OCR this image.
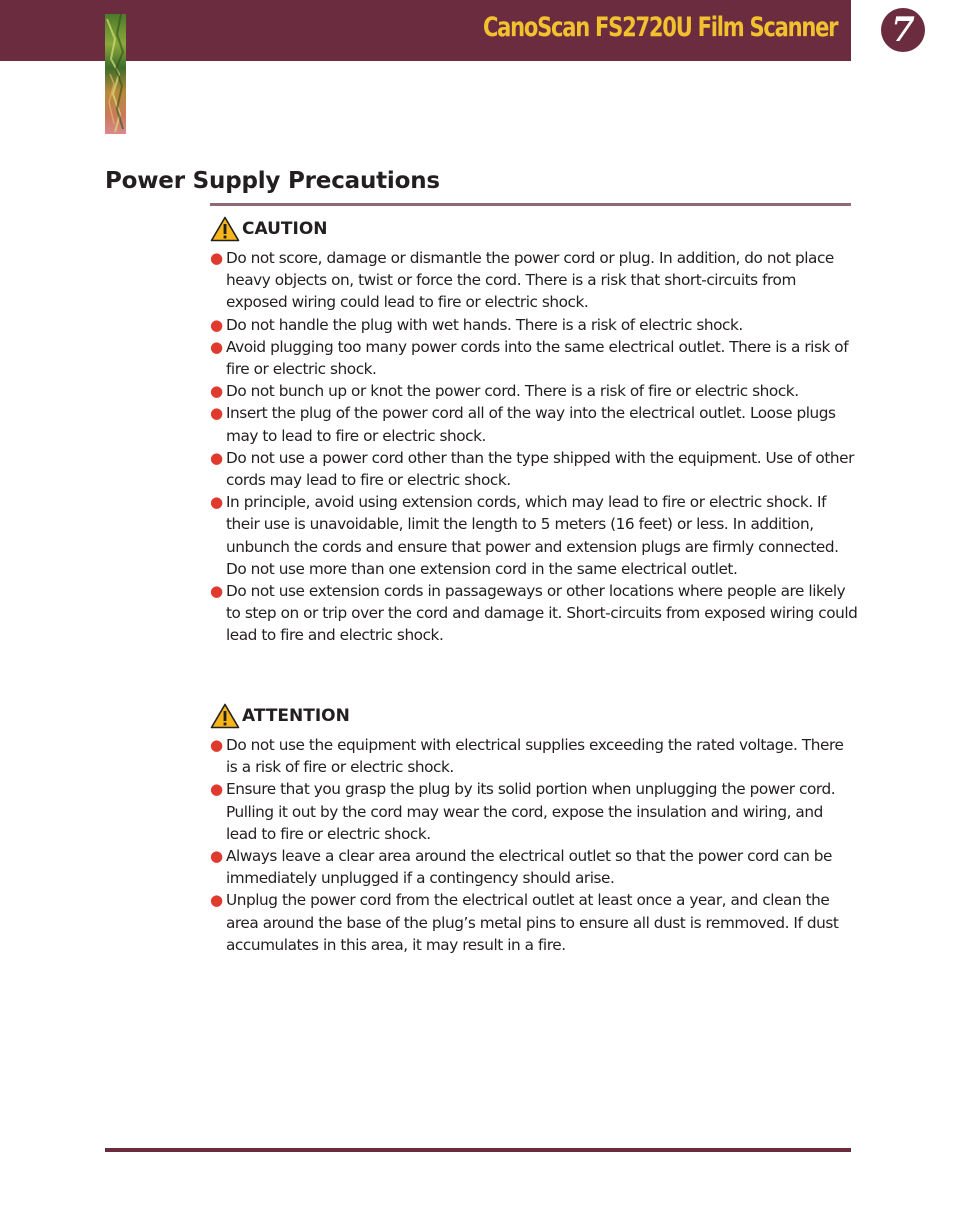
CanoScan FS2720U Film Scanner 7
Power Supply Precautions
CAUTION
● Do not score, damage or dismantle the power cord or plug. In addition, do not place heavy objects on, twist or force the cord. There is a risk that short-circuits from exposed wiring could lead to fire or electric shock.
● Do not handle the plug with wet hands. There is a risk of electric shock.
● Avoid plugging too many power cords into the same electrical outlet. There is a risk of fire or electric shock.
● Do not bunch up or knot the power cord. There is a risk of fire or electric shock.
● Insert the plug of the power cord all of the way into the electrical outlet. Loose plugs may to lead to fire or electric shock.
● Do not use a power cord other than the type shipped with the equipment. Use of other cords may lead to fire or electric shock.
● In principle, avoid using extension cords, which may lead to fire or electric shock. If their use is unavoidable, limit the length to 5 meters (16 feet) or less. In addition, unbunch the cords and ensure that power and extension plugs are firmly connected. Do not use more than one extension cord in the same electrical outlet.
● Do not use extension cords in passageways or other locations where people are likely to step on or trip over the cord and damage it. Short-circuits from exposed wiring could lead to fire and electric shock.
ATTENTION
● Do not use the equipment with electrical supplies exceeding the rated voltage. There is a risk of fire or electric shock.
● Ensure that you grasp the plug by its solid portion when unplugging the power cord. Pulling it out by the cord may wear the cord, expose the insulation and wiring, and lead to fire or electric shock.
● Always leave a clear area around the electrical outlet so that the power cord can be immediately unplugged if a contingency should arise.
● Unplug the power cord from the electrical outlet at least once a year, and clean the area around the base of the plug’s metal pins to ensure all dust is remmoved. If dust accumulates in this area, it may result in a fire.
